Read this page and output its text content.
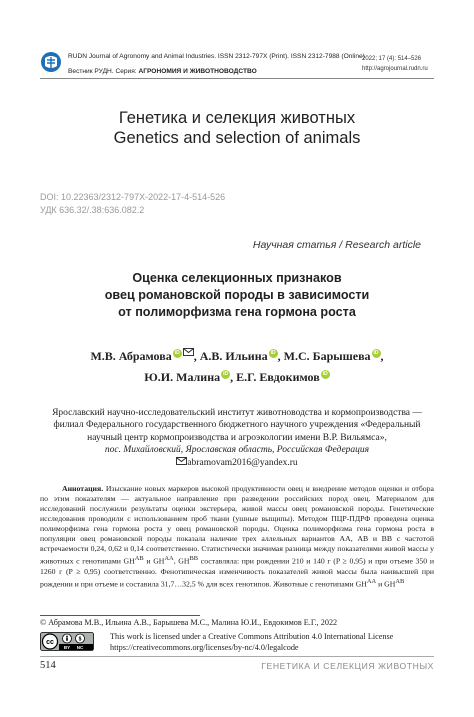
RUDN Journal of Agronomy and Animal Industries. ISSN 2312-797X (Print). ISSN 2312-7988 (Online)
Вестник РУДН. Серия: АГРОНОМИЯ И ЖИВОТНОВОДСТВО
2022; 17 (4): 514–526
http://agrojournal.rudn.ru
Генетика и селекция животных
Genetics and selection of animals
DOI: 10.22363/2312-797X-2022-17-4-514-526
УДК 636.32/.38:636.082.2
Научная статья / Research article
Оценка селекционных признаков
овец романовской породы в зависимости
от полиморфизма гена гормона роста
М.В. Абрамова iD , А.В. Ильина iD , М.С. Барышева iD ,
Ю.И. Малина iD , Е.Г. Евдокимов iD
Ярославский научно-исследовательский институт животноводства и кормопроизводства —
филиал Федерального государственного бюджетного научного учреждения «Федеральный
научный центр кормопроизводства и агроэкологии имени В.Р. Вильямса»,
пос. Михайловский, Ярославская область, Российская Федерация
abramovam2016@yandex.ru
Аннотация. Изыскание новых маркеров высокой продуктивности овец и внедрение методов оценки и отбора по этим показателям — актуальное направление при разведении российских пород овец. Материалом для исследований послужили результаты оценки экстерьера, живой массы овец романовской породы. Генетические исследования проводили с использованием проб ткани (ушные выщипы). Методом ПЦР-ПДРФ проведена оценка полиморфизма гена гормона роста у овец романовской породы. Оценка полиморфизма гена гормона роста в популяции овец романовской породы показала наличие трех аллельных вариантов АА, АВ и ВВ с частотой встречаемости 0,24, 0,62 и 0,14 соответственно. Статистически значимая разница между показателями живой массы у животных с генотипами $GH^{AB}$ и $GH^{AA}$, $GH^{BB}$ составляла: при рождении 210 и 140 г (P ≥ 0,95) и при отъеме 350 и 1260 г (P ≥ 0,95) соответственно. Фенотипическая изменчивость показателей живой массы была наивысшей при рождении и при отъеме и составила 31,7…32,5 % для всех генотипов. Животные с генотипами $GH^{AA}$ и $GH^{AB}$
© Абрамова М.В., Ильина А.В., Барышева М.С., Малина Ю.И., Евдокимов Е.Г., 2022
cc	$
BY NC
This work is licensed under a Creative Commons Attribution 4.0 International License
https://creativecommons.org/licenses/by-nc/4.0/legalcode
514	ГЕНЕТИКА И СЕЛЕКЦИЯ ЖИВОТНЫХ
